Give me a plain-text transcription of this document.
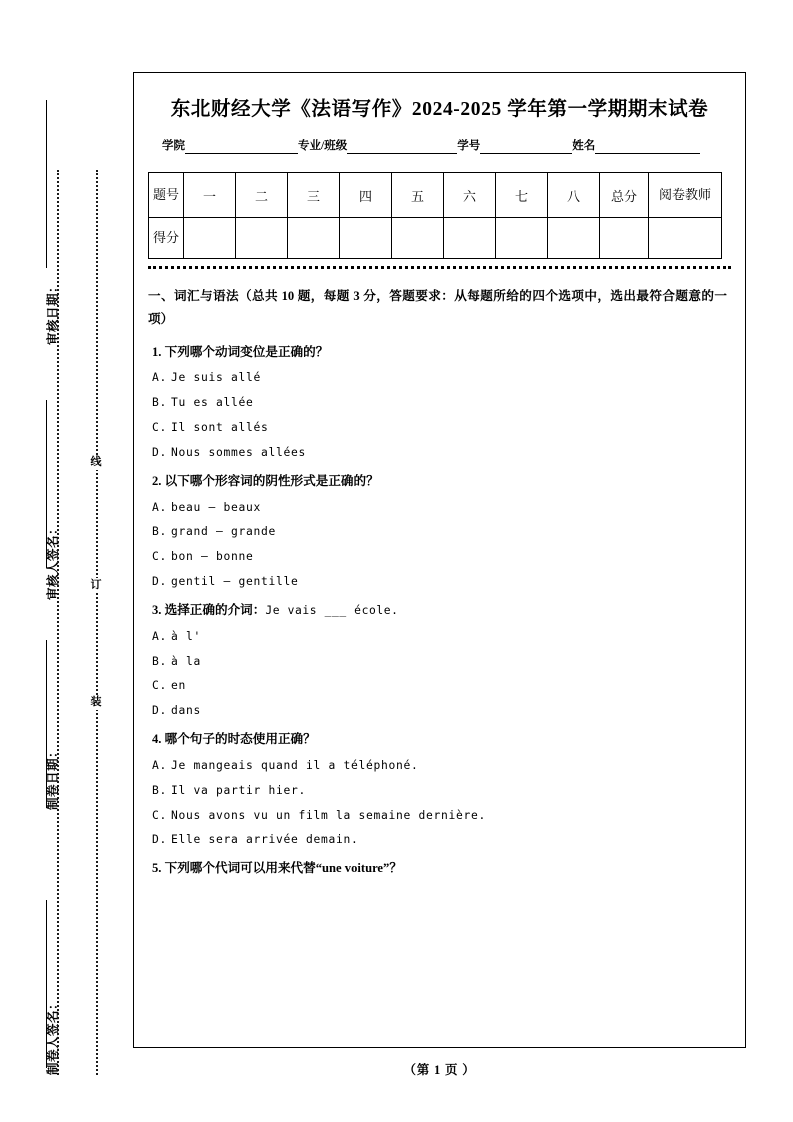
审核日期：
审核人签名：
制卷日期：
制卷人签名：
线
订
装
东北财经大学《法语写作》2024‑2025 学年第一学期期末试卷
学院	专业/班级	学号	姓名
题号	一	二	三	四	五	六	七	八	总分	阅卷教师
得分										
一、词汇与语法（总共 10 题，每题 3 分，答题要求：从每题所给的四个选项中，选出最符合题意的一项）
1. 下列哪个动词变位是正确的？
A. Je suis allé
B. Tu es allée
C. Il sont allés
D. Nous sommes allées
2. 以下哪个形容词的阴性形式是正确的？
A. beau – beaux
B. grand – grande
C. bon – bonne
D. gentil – gentille
3. 选择正确的介词：Je vais ___ école.
A. à l'
B. à la
C. en
D. dans
4. 哪个句子的时态使用正确？
A. Je mangeais quand il a téléphoné.
B. Il va partir hier.
C. Nous avons vu un film la semaine dernière.
D. Elle sera arrivée demain.
5. 下列哪个代词可以用来代替“une voiture”？
（第 1 页 ）
